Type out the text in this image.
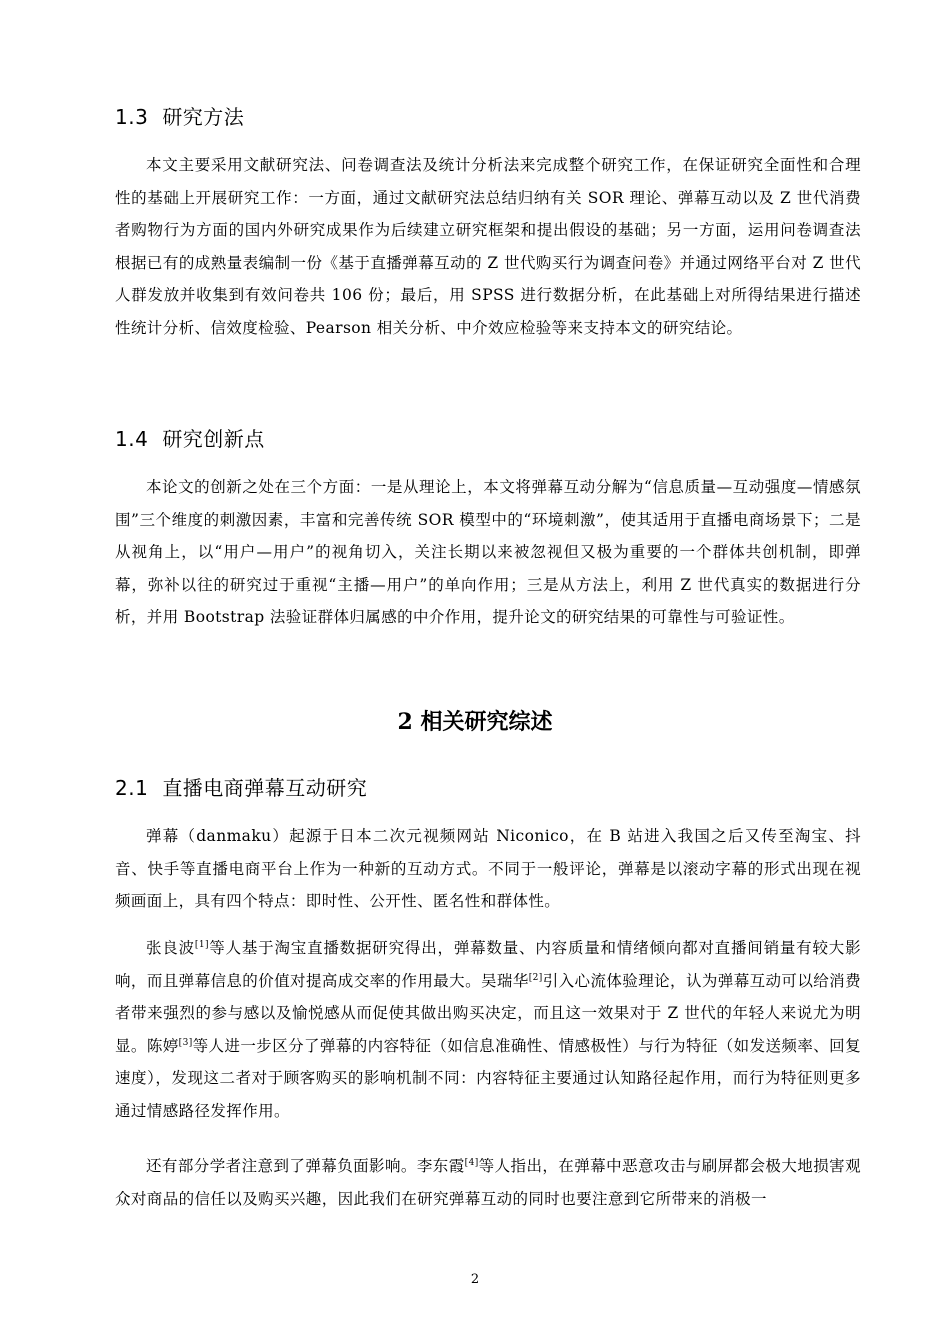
1.3 研究方法

本文主要采用文献研究法、问卷调查法及统计分析法来完成整个研究工作，在保证研究全面性和合理性的基础上开展研究工作：一方面，通过文献研究法总结归纳有关 SOR 理论、弹幕互动以及 Z 世代消费者购物行为方面的国内外研究成果作为后续建立研究框架和提出假设的基础；另一方面，运用问卷调查法根据已有的成熟量表编制一份《基于直播弹幕互动的 Z 世代购买行为调查问卷》并通过网络平台对 Z 世代人群发放并收集到有效问卷共 106 份；最后，用 SPSS 进行数据分析，在此基础上对所得结果进行描述性统计分析、信效度检验、Pearson 相关分析、中介效应检验等来支持本文的研究结论。

1.4 研究创新点

本论文的创新之处在三个方面：一是从理论上，本文将弹幕互动分解为“信息质量—互动强度—情感氛围”三个维度的刺激因素，丰富和完善传统 SOR 模型中的“环境刺激”，使其适用于直播电商场景下；二是从视角上，以“用户—用户”的视角切入，关注长期以来被忽视但又极为重要的一个群体共创机制，即弹幕，弥补以往的研究过于重视“主播—用户”的单向作用；三是从方法上，利用 Z 世代真实的数据进行分析，并用 Bootstrap 法验证群体归属感的中介作用，提升论文的研究结果的可靠性与可验证性。

2 相关研究综述
2.1 直播电商弹幕互动研究

弹幕（danmaku）起源于日本二次元视频网站 Niconico，在 B 站进入我国之后又传至淘宝、抖音、快手等直播电商平台上作为一种新的互动方式。不同于一般评论，弹幕是以滚动字幕的形式出现在视频画面上，具有四个特点：即时性、公开性、匿名性和群体性。

张良波[1]等人基于淘宝直播数据研究得出，弹幕数量、内容质量和情绪倾向都对直播间销量有较大影响，而且弹幕信息的价值对提高成交率的作用最大。吴瑞华[2]引入心流体验理论，认为弹幕互动可以给消费者带来强烈的参与感以及愉悦感从而促使其做出购买决定，而且这一效果对于 Z 世代的年轻人来说尤为明显。陈婷[3]等人进一步区分了弹幕的内容特征（如信息准确性、情感极性）与行为特征（如发送频率、回复速度），发现这二者对于顾客购买的影响机制不同：内容特征主要通过认知路径起作用，而行为特征则更多通过情感路径发挥作用。

还有部分学者注意到了弹幕负面影响。李东霞[4]等人指出，在弹幕中恶意攻击与刷屏都会极大地损害观众对商品的信任以及购买兴趣，因此我们在研究弹幕互动的同时也要注意到它所带来的消极一

2
